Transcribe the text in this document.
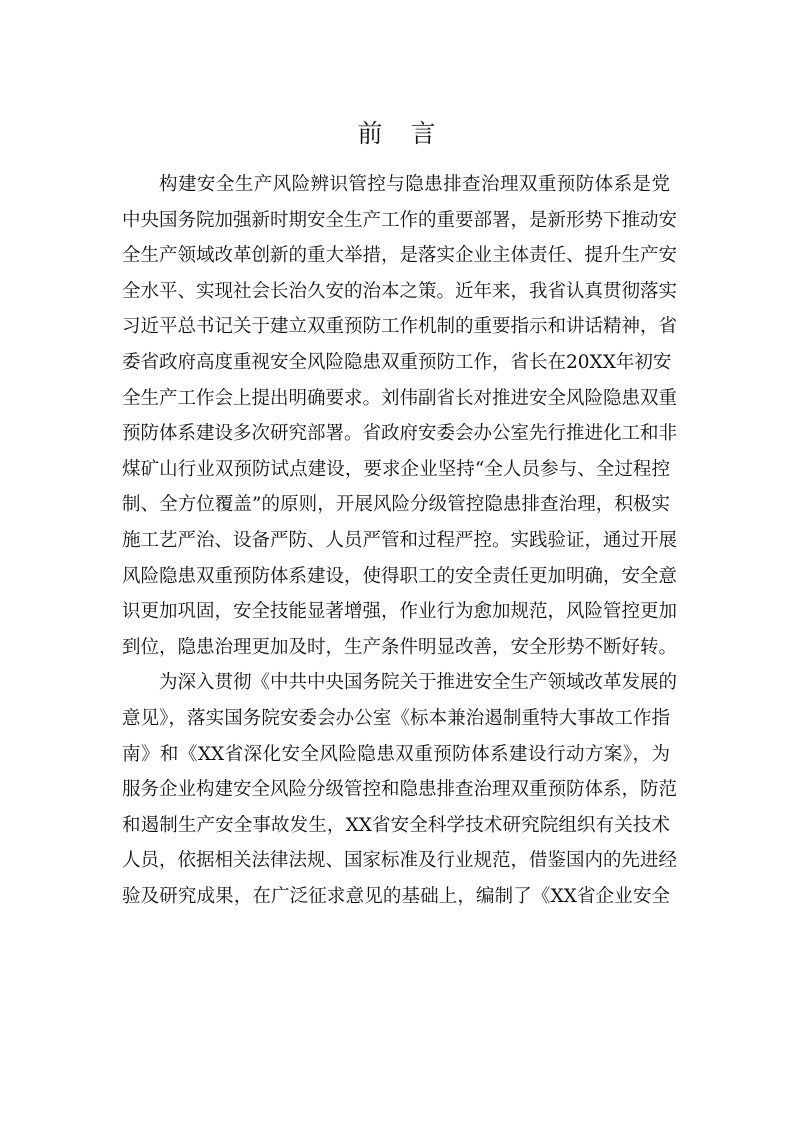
前言
构建安全生产风险辨识管控与隐患排查治理双重预防体系是党
中央国务院加强新时期安全生产工作的重要部署，是新形势下推动安
全生产领域改革创新的重大举措，是落实企业主体责任、提升生产安
全水平、实现社会长治久安的治本之策。近年来，我省认真贯彻落实
习近平总书记关于建立双重预防工作机制的重要指示和讲话精神，省
委省政府高度重视安全风险隐患双重预防工作，省长在20XX年初安
全生产工作会上提出明确要求。刘伟副省长对推进安全风险隐患双重
预防体系建设多次研究部署。省政府安委会办公室先行推进化工和非
煤矿山行业双预防试点建设，要求企业坚持“全人员参与、全过程控
制、全方位覆盖”的原则，开展风险分级管控隐患排查治理，积极实
施工艺严治、设备严防、人员严管和过程严控。实践验证，通过开展
风险隐患双重预防体系建设，使得职工的安全责任更加明确，安全意
识更加巩固，安全技能显著增强，作业行为愈加规范，风险管控更加
到位，隐患治理更加及时，生产条件明显改善，安全形势不断好转。
为深入贯彻《中共中央国务院关于推进安全生产领域改革发展的
意见》，落实国务院安委会办公室《标本兼治遏制重特大事故工作指
南》和《XX省深化安全风险隐患双重预防体系建设行动方案》，为
服务企业构建安全风险分级管控和隐患排查治理双重预防体系，防范
和遏制生产安全事故发生，XX省安全科学技术研究院组织有关技术
人员，依据相关法律法规、国家标准及行业规范，借鉴国内的先进经
验及研究成果，在广泛征求意见的基础上，编制了《XX省企业安全
